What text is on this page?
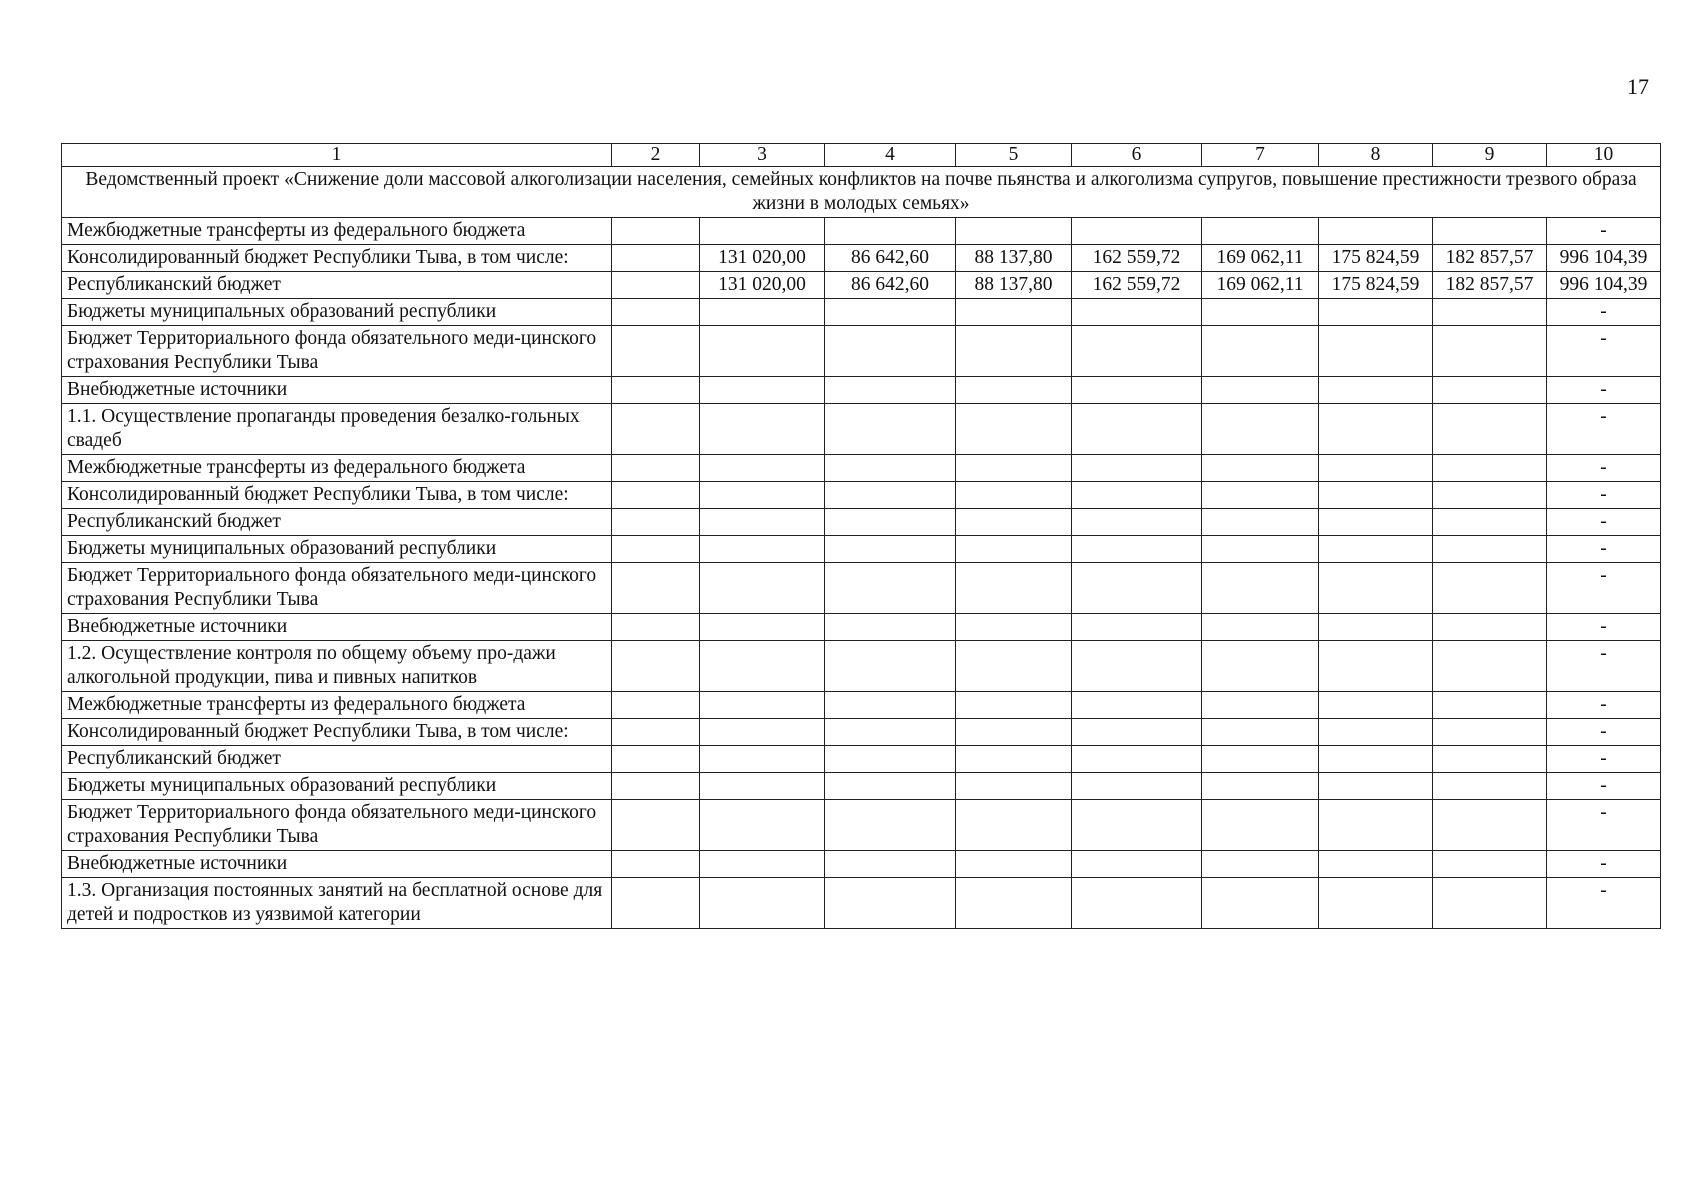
17
1	2	3	4	5	6	7	8	9	10
Ведомственный проект «Снижение доли массовой алкоголизации населения, семейных конфликтов на почве пьянства и алкоголизма супругов, повышение престижности трезвого образа жизни в молодых семьях»									
Межбюджетные трансферты из федерального бюджета									-
Консолидированный бюджет Республики Тыва, в том числе:		131 020,00	86 642,60	88 137,80	162 559,72	169 062,11	175 824,59	182 857,57	996 104,39
Республиканский бюджет		131 020,00	86 642,60	88 137,80	162 559,72	169 062,11	175 824,59	182 857,57	996 104,39
Бюджеты муниципальных образований республики									-
Бюджет Территориального фонда обязательного меди-цинского страхования Республики Тыва									-
Внебюджетные источники									-
1.1. Осуществление пропаганды проведения безалко-гольных свадеб									-
Межбюджетные трансферты из федерального бюджета									-
Консолидированный бюджет Республики Тыва, в том числе:									-
Республиканский бюджет									-
Бюджеты муниципальных образований республики									-
Бюджет Территориального фонда обязательного меди-цинского страхования Республики Тыва									-
Внебюджетные источники									-
1.2. Осуществление контроля по общему объему про-дажи алкогольной продукции, пива и пивных напитков									-
Межбюджетные трансферты из федерального бюджета									-
Консолидированный бюджет Республики Тыва, в том числе:									-
Республиканский бюджет									-
Бюджеты муниципальных образований республики									-
Бюджет Территориального фонда обязательного меди-цинского страхования Республики Тыва									-
Внебюджетные источники									-
1.3. Организация постоянных занятий на бесплатной основе для детей и подростков из уязвимой категории									-
